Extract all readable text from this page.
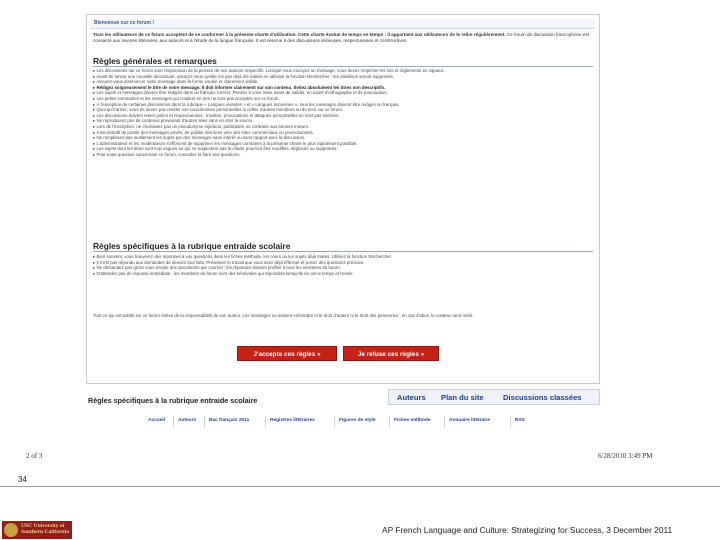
Bienvenue sur ce forum !
Tous les utilisateurs de ce forum acceptent de se conformer à la présente charte d'utilisation. Cette charte évolue de temps en temps : il appartient aux utilisateurs de le relire régulièrement. Ce forum de discussion francophone est consacré aux œuvres littéraires, aux auteurs et à l'étude de la langue française. Il est réservé à des discussions sérieuses, respectueuses et constructives.
Règles générales et remarques
▸ Les discussions sur ce forum sont l'expression de la pensée de ses auteurs respectifs. Lorsque vous envoyez un message, vous devez respecter les lois et règlements en vigueur.
▸ Avant de lancer une nouvelle discussion, assurez-vous qu'elle n'a pas déjà été traitée en utilisant la fonction Rechercher : les doublons seront supprimés.
▸ Assurez-vous d'annoncer votre message dans la forme voulue et clairement visible.
▸ Rédigez soigneusement le titre de votre message. Il doit informer clairement sur son contenu. Évitez absolument les titres non descriptifs.
▸ Les sujets et messages doivent être rédigés dans un français correct. Pensez à vous relire avant de valider, en usant d'orthographe et de ponctuation.
▸ Les pelles sommaires et les messages qui n'aident en rien ne sont pas acceptés sur ce forum.
▸ À l'exception de certaines discussions dans la rubrique « Langues vivantes » et « Langues anciennes », tous les messages doivent être rédigés en français.
▸ Quoi qu'il arrive, vous ne devez pas révéler vos coordonnées personnelles ni celles d'autres membres ou de tiers sur ce forum.
▸ Les discussions doivent rester polies et respectueuses : insultes, provocations et attaques personnelles ne sont pas tolérées.
▸ Ne reproduisez pas de contenus provenant d'autres sites sans en citer la source.
▸ Lors de l'inscription, ne choisissez pas un pseudonyme injurieux, publicitaire ou contraire aux bonnes mœurs.
▸ Il est interdit de poster des messages privés, de publier des liens vers des sites commerciaux ou promotionnels.
▸ Ne remplissez pas inutilement les sujets par des messages sans intérêt ou sans rapport avec la discussion.
▸ L'administrateur et les modérateurs s'efforcent de supprimer les messages contraires à la présente charte le plus rapidement possible.
▸ Les sujets dont les titres sont trop vagues ou qui ne respectent pas la charte pourront être modifiés, déplacés ou supprimés.
▸ Pour toute question concernant ce forum, consultez la foire aux questions.
Règles spécifiques à la rubrique entraide scolaire
▸ Bien souvent, vous trouverez des réponses à vos questions dans les fiches méthode, les cours ou les sujets déjà traités. Utilisez la fonction Rechercher.
▸ Il n'est pas répondu aux demandes de devoirs tout faits. Présentez le travail que vous avez déjà effectué et posez des questions précises.
▸ Ne demandez pas qu'on vous envoie des documents par courriel : les réponses doivent profiter à tous les membres du forum.
▸ N'attendez pas de réponse immédiate : les membres du forum sont des bénévoles qui répondent lorsqu'ils en ont le temps et l'envie.
Tout ce qui est publié sur ce forum relève de la responsabilité de son auteur. Les messages ne doivent enfreindre ni le droit d'auteur ni le droit des personnes ; en cas d'abus, le contenu sera retiré.
J'accepte ces règles »	Je refuse ces règles »
Auteurs Plan du site	Discussions classées
Règles spécifiques à la rubrique entraide scolaire
Accueil	Auteurs	Bac français 2011	Registres littéraires	Figures de style	Fiches méthode	Annuaire littéraire	RSS
2 of 3	6/28/2010 3:49 PM
34
USC University of Southern California	AP French Language and Culture: Strategizing for Success, 3 December 2011
